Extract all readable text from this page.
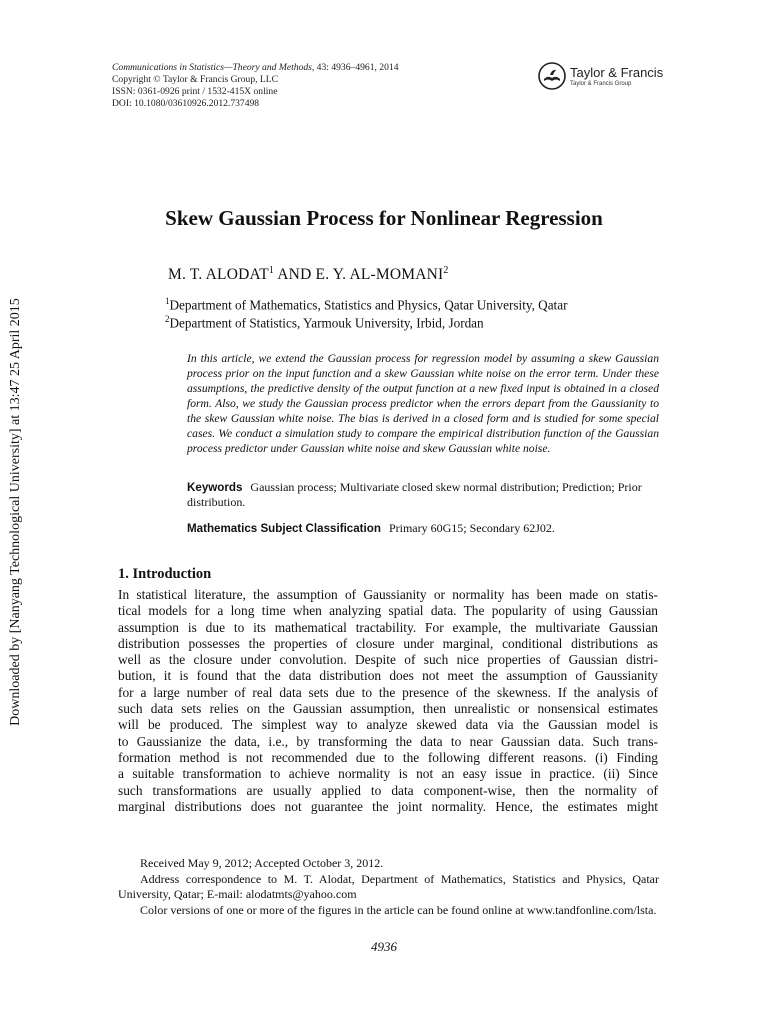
Communications in Statistics—Theory and Methods, 43: 4936–4961, 2014
Copyright © Taylor & Francis Group, LLC
ISSN: 0361-0926 print / 1532-415X online
DOI: 10.1080/03610926.2012.737498
Taylor & Francis
Taylor & Francis Group
Downloaded by [Nanyang Technological University] at 13:47 25 April 2015
Skew Gaussian Process for Nonlinear Regression
M. T. ALODAT$^1$ AND E. Y. AL-MOMANI$^2$
$^1$Department of Mathematics, Statistics and Physics, Qatar University, Qatar
$^2$Department of Statistics, Yarmouk University, Irbid, Jordan
In this article, we extend the Gaussian process for regression model by assuming a skew Gaussian process prior on the input function and a skew Gaussian white noise on the error term. Under these assumptions, the predictive density of the output function at a new fixed input is obtained in a closed form. Also, we study the Gaussian process predictor when the errors depart from the Gaussianity to the skew Gaussian white noise. The bias is derived in a closed form and is studied for some special cases. We conduct a simulation study to compare the empirical distribution function of the Gaussian process predictor under Gaussian white noise and skew Gaussian white noise.
Keywords Gaussian process; Multivariate closed skew normal distribution; Prediction; Prior distribution.
Mathematics Subject Classification Primary 60G15; Secondary 62J02.
1. Introduction
In statistical literature, the assumption of Gaussianity or normality has been made on statis-
tical models for a long time when analyzing spatial data. The popularity of using Gaussian
assumption is due to its mathematical tractability. For example, the multivariate Gaussian
distribution possesses the properties of closure under marginal, conditional distributions as
well as the closure under convolution. Despite of such nice properties of Gaussian distri-
bution, it is found that the data distribution does not meet the assumption of Gaussianity
for a large number of real data sets due to the presence of the skewness. If the analysis of
such data sets relies on the Gaussian assumption, then unrealistic or nonsensical estimates
will be produced. The simplest way to analyze skewed data via the Gaussian model is
to Gaussianize the data, i.e., by transforming the data to near Gaussian data. Such trans-
formation method is not recommended due to the following different reasons. (i) Finding
a suitable transformation to achieve normality is not an easy issue in practice. (ii) Since
such transformations are usually applied to data component-wise, then the normality of
marginal distributions does not guarantee the joint normality. Hence, the estimates might

Received May 9, 2012; Accepted October 3, 2012.

Address correspondence to M. T. Alodat, Department of Mathematics, Statistics and Physics, Qatar University, Qatar; E-mail: alodatmts@yahoo.com

Color versions of one or more of the figures in the article can be found online at www.tandfonline.com/lsta.

4936
